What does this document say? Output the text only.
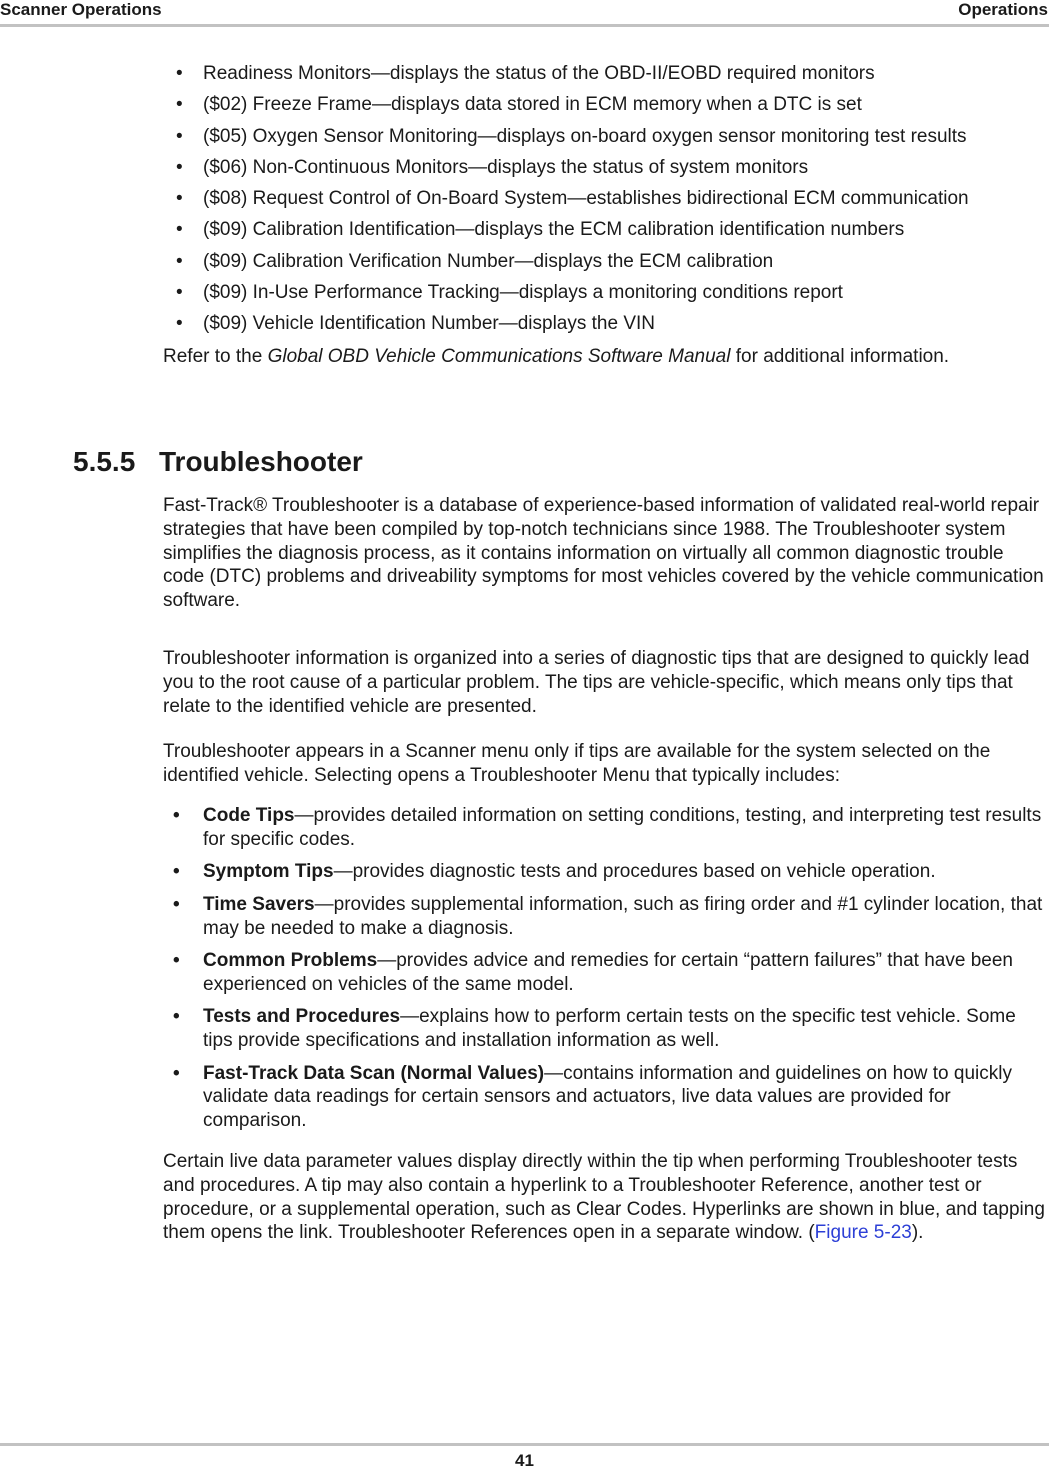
Scanner Operations	Operations
• Readiness Monitors—displays the status of the OBD-II/EOBD required monitors
• ($02) Freeze Frame—displays data stored in ECM memory when a DTC is set
• ($05) Oxygen Sensor Monitoring—displays on-board oxygen sensor monitoring test results
• ($06) Non-Continuous Monitors—displays the status of system monitors
• ($08) Request Control of On-Board System—establishes bidirectional ECM communication
• ($09) Calibration Identification—displays the ECM calibration identification numbers
• ($09) Calibration Verification Number—displays the ECM calibration
• ($09) In-Use Performance Tracking—displays a monitoring conditions report
• ($09) Vehicle Identification Number—displays the VIN

Refer to the Global OBD Vehicle Communications Software Manual for additional information.

5.5.5 Troubleshooter

Fast-Track® Troubleshooter is a database of experience-based information of validated real-world repair strategies that have been compiled by top-notch technicians since 1988. The Troubleshooter system simplifies the diagnosis process, as it contains information on virtually all common diagnostic trouble code (DTC) problems and driveability symptoms for most vehicles covered by the vehicle communication software.

Troubleshooter information is organized into a series of diagnostic tips that are designed to quickly lead you to the root cause of a particular problem. The tips are vehicle-specific, which means only tips that relate to the identified vehicle are presented.

Troubleshooter appears in a Scanner menu only if tips are available for the system selected on the identified vehicle. Selecting opens a Troubleshooter Menu that typically includes:

• Code Tips—provides detailed information on setting conditions, testing, and interpreting test results for specific codes.
• Symptom Tips—provides diagnostic tests and procedures based on vehicle operation.
• Time Savers—provides supplemental information, such as firing order and #1 cylinder location, that may be needed to make a diagnosis.
• Common Problems—provides advice and remedies for certain “pattern failures” that have been experienced on vehicles of the same model.
• Tests and Procedures—explains how to perform certain tests on the specific test vehicle. Some tips provide specifications and installation information as well.
• Fast-Track Data Scan (Normal Values)—contains information and guidelines on how to quickly validate data readings for certain sensors and actuators, live data values are provided for comparison.

Certain live data parameter values display directly within the tip when performing Troubleshooter tests and procedures. A tip may also contain a hyperlink to a Troubleshooter Reference, another test or procedure, or a supplemental operation, such as Clear Codes. Hyperlinks are shown in blue, and tapping them opens the link. Troubleshooter References open in a separate window. (Figure 5-23).

41
